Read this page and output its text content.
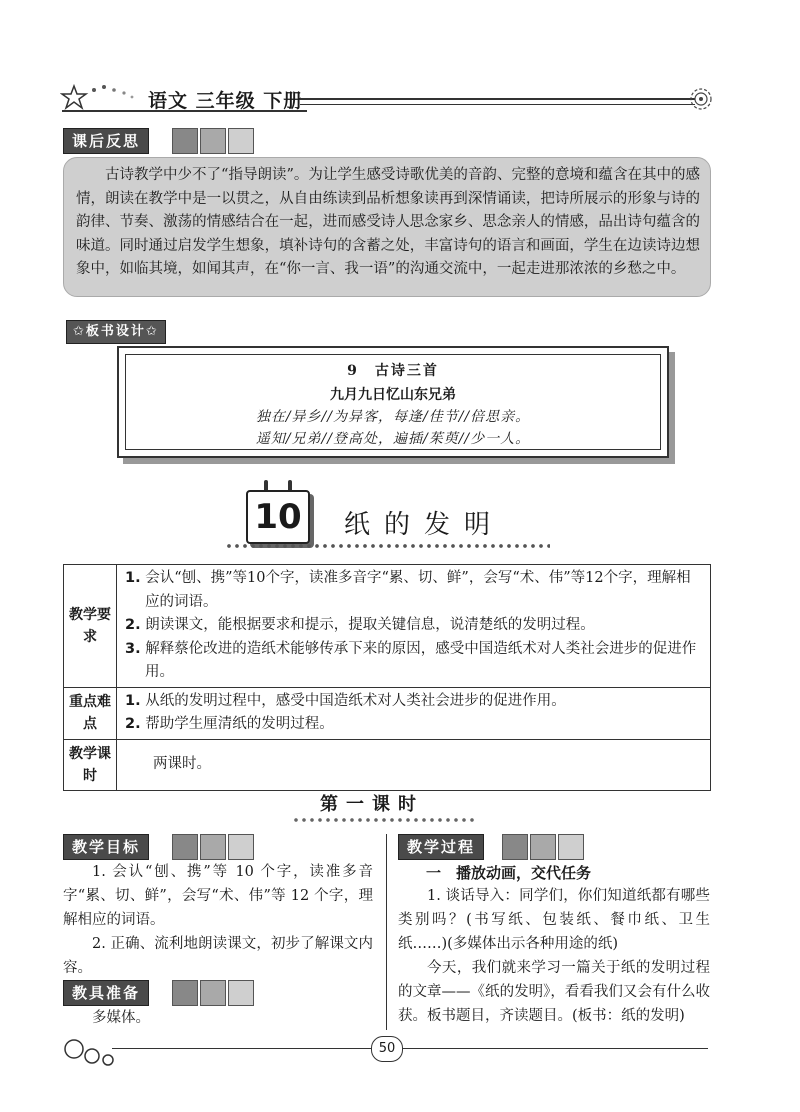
语文 三年级 下册
课后反思
古诗教学中少不了“指导朗读”。为让学生感受诗歌优美的音韵、完整的意境和蕴含在其中的感情，朗读在教学中是一以贯之，从自由练读到品析想象读再到深情诵读，把诗所展示的形象与诗的韵律、节奏、激荡的情感结合在一起，进而感受诗人思念家乡、思念亲人的情感，品出诗句蕴含的味道。同时通过启发学生想象，填补诗句的含蓄之处，丰富诗句的语言和画面，学生在边读诗边想象中，如临其境，如闻其声，在“你一言、我一语”的沟通交流中，一起走进那浓浓的乡愁之中。
✩板书设计✩
9　古诗三首
九月九日忆山东兄弟
独在/异乡//为异客，每逢/佳节//倍思亲。
遥知/兄弟//登高处，遍插/茱萸//少一人。
10	纸的发明
教学要求	1. 会认“刨、携”等10个字，读准多音字“累、切、鲜”，会写“术、伟”等12个字，理解相应的词语。
2. 朗读课文，能根据要求和提示，提取关键信息，说清楚纸的发明过程。
3. 解释蔡伦改进的造纸术能够传承下来的原因，感受中国造纸术对人类社会进步的促进作用。

重点难点	1. 从纸的发明过程中，感受中国造纸术对人类社会进步的促进作用。
2. 帮助学生厘清纸的发明过程。

教学课时	两课时。
第一课时
教学目标
1. 会认“刨、携”等 10 个字，读准多音字“累、切、鲜”，会写“术、伟”等 12 个字，理解相应的词语。
2. 正确、流利地朗读课文，初步了解课文内容。
教具准备
多媒体。
教学过程
一　播放动画，交代任务
1. 谈话导入：同学们，你们知道纸都有哪些类别吗？(书写纸、包装纸、餐巾纸、卫生纸……)(多媒体出示各种用途的纸)
今天，我们就来学习一篇关于纸的发明过程的文章——《纸的发明》，看看我们又会有什么收获。板书题目，齐读题目。(板书：纸的发明)
50
